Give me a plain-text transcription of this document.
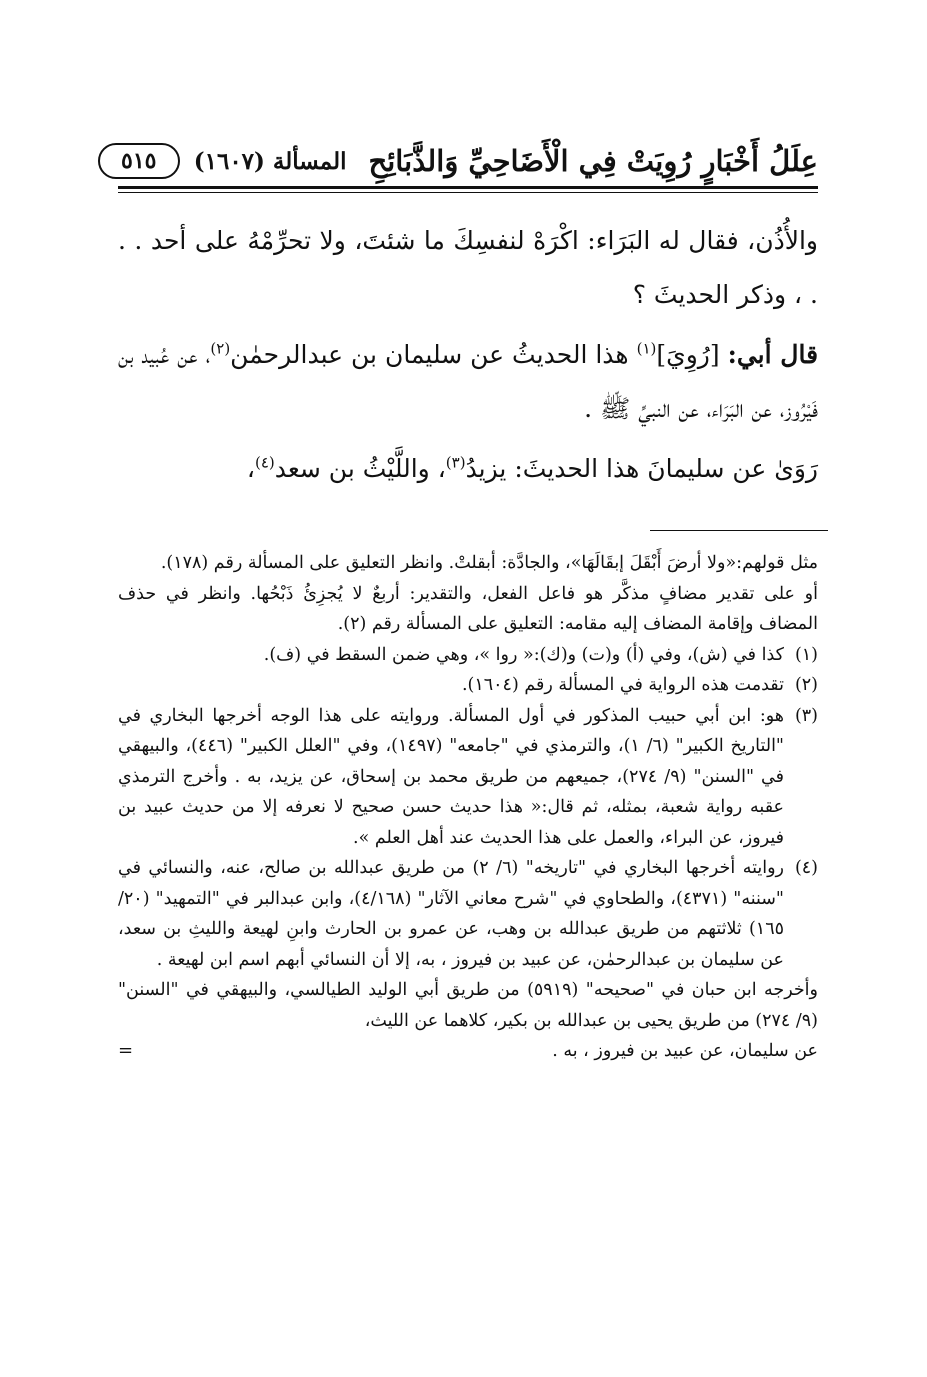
عِلَلُ أَخْبَارٍ رُوِيَتْ فِي الْأَضَاحِيِّ وَالذَّبَائِحِ
المسألة (١٦٠٧)
٥١٥

والأُذُن، فقال له البَرَاء: اكْرَهْ لنفسِكَ ما شئتَ، ولا تحرِّمْهُ على أحد . . . ، وذكر الحديثَ ؟

قال أبي: [رُوِيَ]$^{(١)}$ هذا الحديثُ عن سليمان بن عبدالرحمٰن$^{(٢)}$، عن عُبيد بن فَيْرُوز، عن البَرَاء، عن النبيِّ ﷺ .

رَوَىٰ عن سليمانَ هذا الحديثَ: يزيدُ$^{(٣)}$، واللَّيْثُ بن سعد$^{(٤)}$،

مثل قولهم:«ولا أرضَ أَبْقَلَ إبقَالَهَا»، والجادَّة: أبقلتْ. وانظر التعليق على المسألة رقم (١٧٨).

أو على تقدير مضافٍ مذكَّر هو فاعل الفعل، والتقدير: أربعٌ لا يُجزِئُ ذَبْحُها. وانظر في حذف المضاف وإقامة المضاف إليه مقامه: التعليق على المسألة رقم (٢).

(١)

كذا في (ش)، وفي (أ) و(ت) و(ك):« روا »، وهي ضمن السقط في (ف).

(٢)

تقدمت هذه الرواية في المسألة رقم (١٦٠٤).

(٣)

هو: ابن أبي حبيب المذكور في أول المسألة. وروايته على هذا الوجه أخرجها البخاري في "التاريخ الكبير" (٦/ ١)، والترمذي في "جامعه" (١٤٩٧)، وفي "العلل الكبير" (٤٤٦)، والبيهقي في "السنن" (٩/ ٢٧٤)، جميعهم من طريق محمد بن إسحاق، عن يزيد، به . وأخرج الترمذي عقبه رواية شعبة، بمثله، ثم قال:« هذا حديث حسن صحيح لا نعرفه إلا من حديث عبيد بن فيروز، عن البراء، والعمل على هذا الحديث عند أهل العلم ».

(٤)

روايته أخرجها البخاري في "تاريخه" (٦/ ٢) من طريق عبدالله بن صالح، عنه، والنسائي في "سننه" (٤٣٧١)، والطحاوي في "شرح معاني الآثار" (٤/١٦٨)، وابن عبدالبر في "التمهيد" (٢٠/ ١٦٥) ثلاثتهم من طريق عبدالله بن وهب، عن عمرو بن الحارث وابنِ لهيعة والليثِ بن سعد، عن سليمان بن عبدالرحمٰن، عن عبيد بن فيروز ، به، إلا أن النسائي أبهم اسم ابن لهيعة .

وأخرجه ابن حبان في "صحيحه" (٥٩١٩) من طريق أبي الوليد الطيالسي، والبيهقي في "السنن" (٩/ ٢٧٤) من طريق يحيى بن عبدالله بن بكير، كلاهما عن الليث،

عن سليمان، عن عبيد بن فيروز ، به .
=
